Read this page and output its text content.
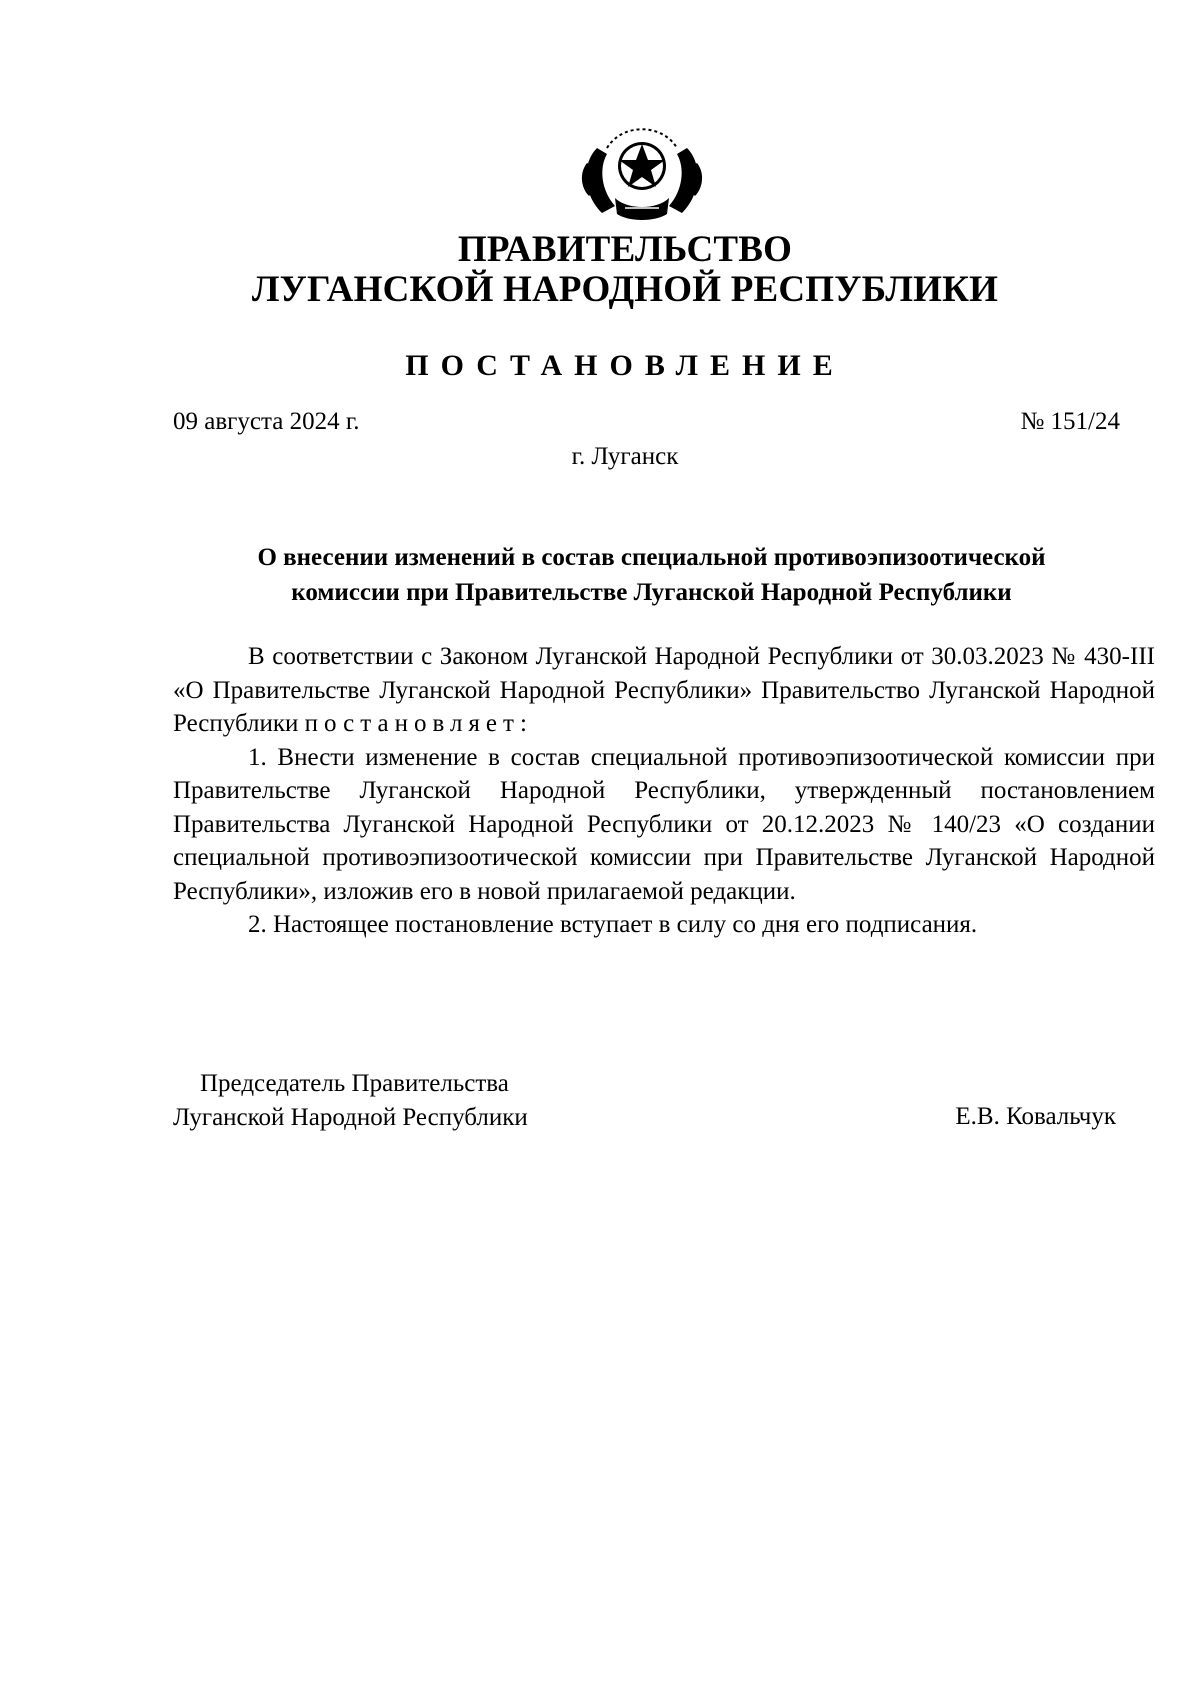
ПРАВИТЕЛЬСТВО
ЛУГАНСКОЙ НАРОДНОЙ РЕСПУБЛИКИ
ПОСТАНОВЛЕНИЕ
09 августа 2024 г.	№ 151/24
г. Луганск
О внесении изменений в состав специальной противоэпизоотической
комиссии при Правительстве Луганской Народной Республики

В соответствии с Законом Луганской Народной Республики от 30.03.2023 № 430-III «О Правительстве Луганской Народной Республики» Правительство Луганской Народной Республики постановляет:

1. Внести изменение в состав специальной противоэпизоотической комиссии при Правительстве Луганской Народной Республики, утвержденный постановлением Правительства Луганской Народной Республики от 20.12.2023 № 140/23 «О создании специальной противоэпизоотической комиссии при Правительстве Луганской Народной Республики», изложив его в новой прилагаемой редакции.

2. Настоящее постановление вступает в силу со дня его подписания.

Председатель Правительства
Луганской Народной Республики	Е.В. Ковальчук
